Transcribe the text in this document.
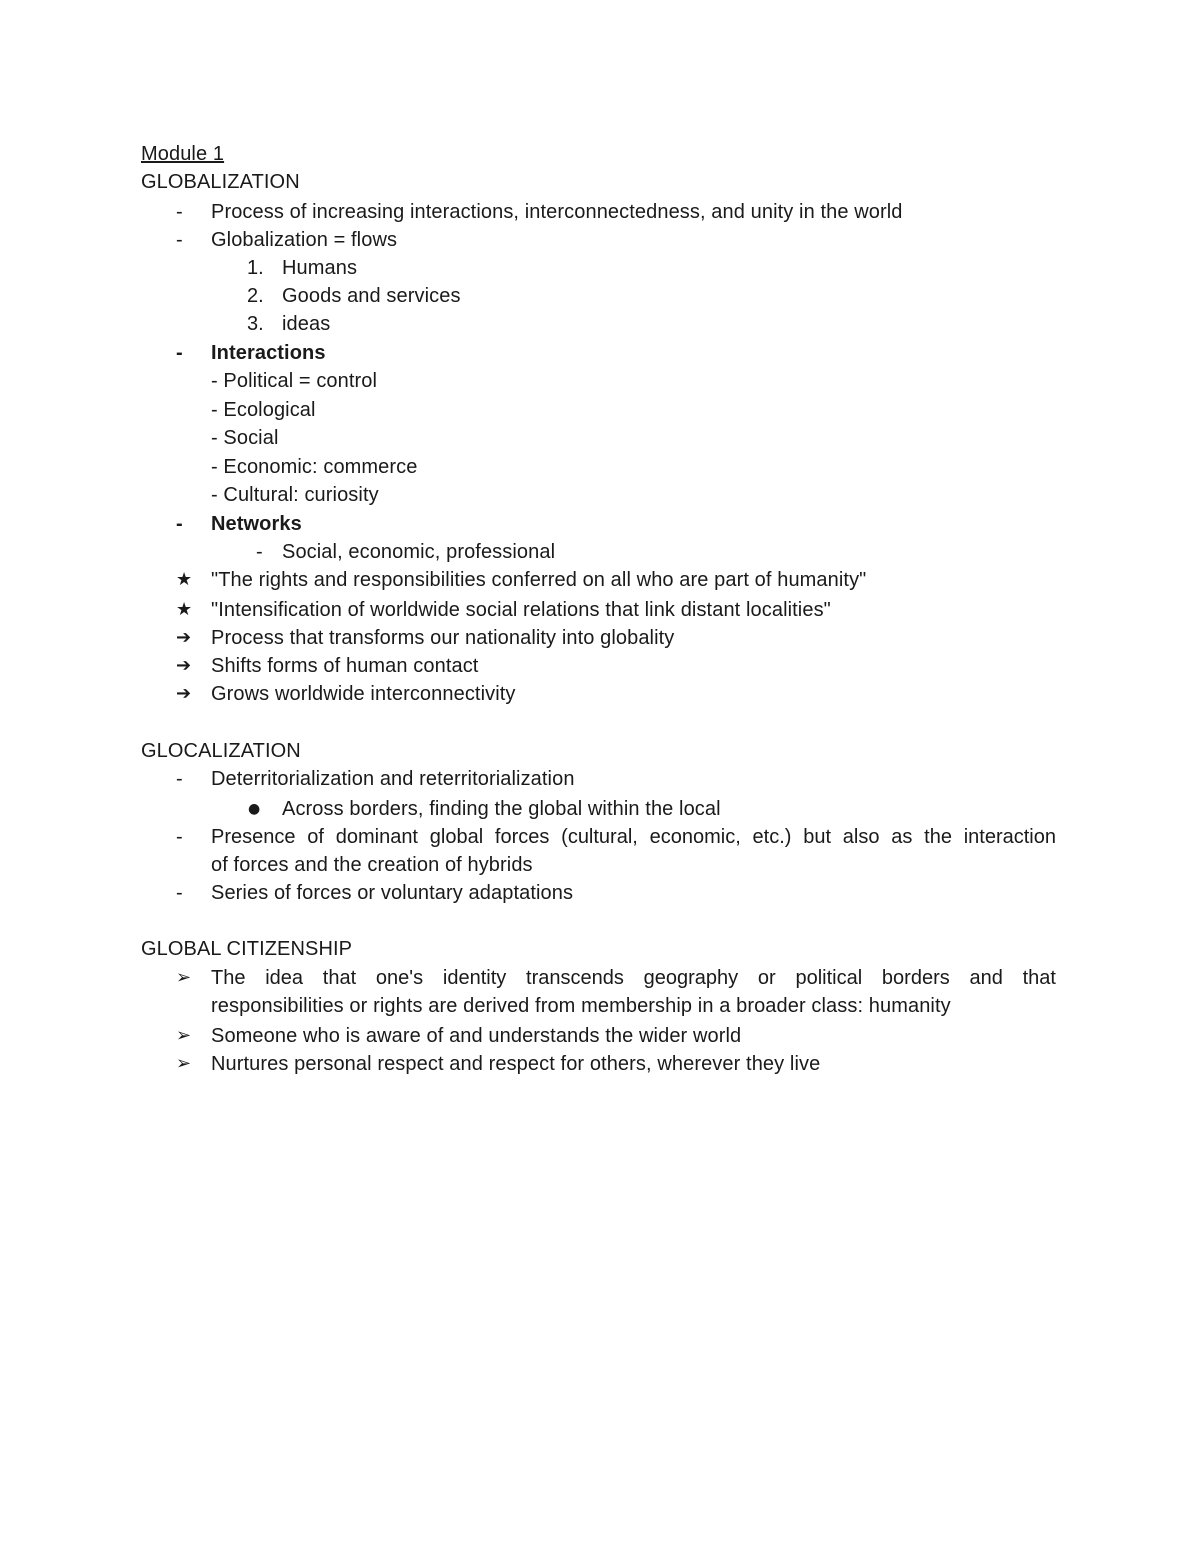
Module 1
GLOBALIZATION
- Process of increasing interactions, interconnectedness, and unity in the world
- Globalization = flows
1. Humans
2. Goods and services
3. ideas
- Interactions
- Political = control
- Ecological
- Social
- Economic: commerce
- Cultural: curiosity
- Networks
- Social, economic, professional
★ "The rights and responsibilities conferred on all who are part of humanity"
★ "Intensification of worldwide social relations that link distant localities"
➔ Process that transforms our nationality into globality
➔ Shifts forms of human contact
➔ Grows worldwide interconnectivity
GLOCALIZATION
- Deterritorialization and reterritorialization
● Across borders, finding the global within the local
- Presence of dominant global forces (cultural, economic, etc.) but also as the interaction
of forces and the creation of hybrids
- Series of forces or voluntary adaptations
GLOBAL CITIZENSHIP
➢ The idea that one's identity transcends geography or political borders and that
responsibilities or rights are derived from membership in a broader class: humanity
➢ Someone who is aware of and understands the wider world
➢ Nurtures personal respect and respect for others, wherever they live
